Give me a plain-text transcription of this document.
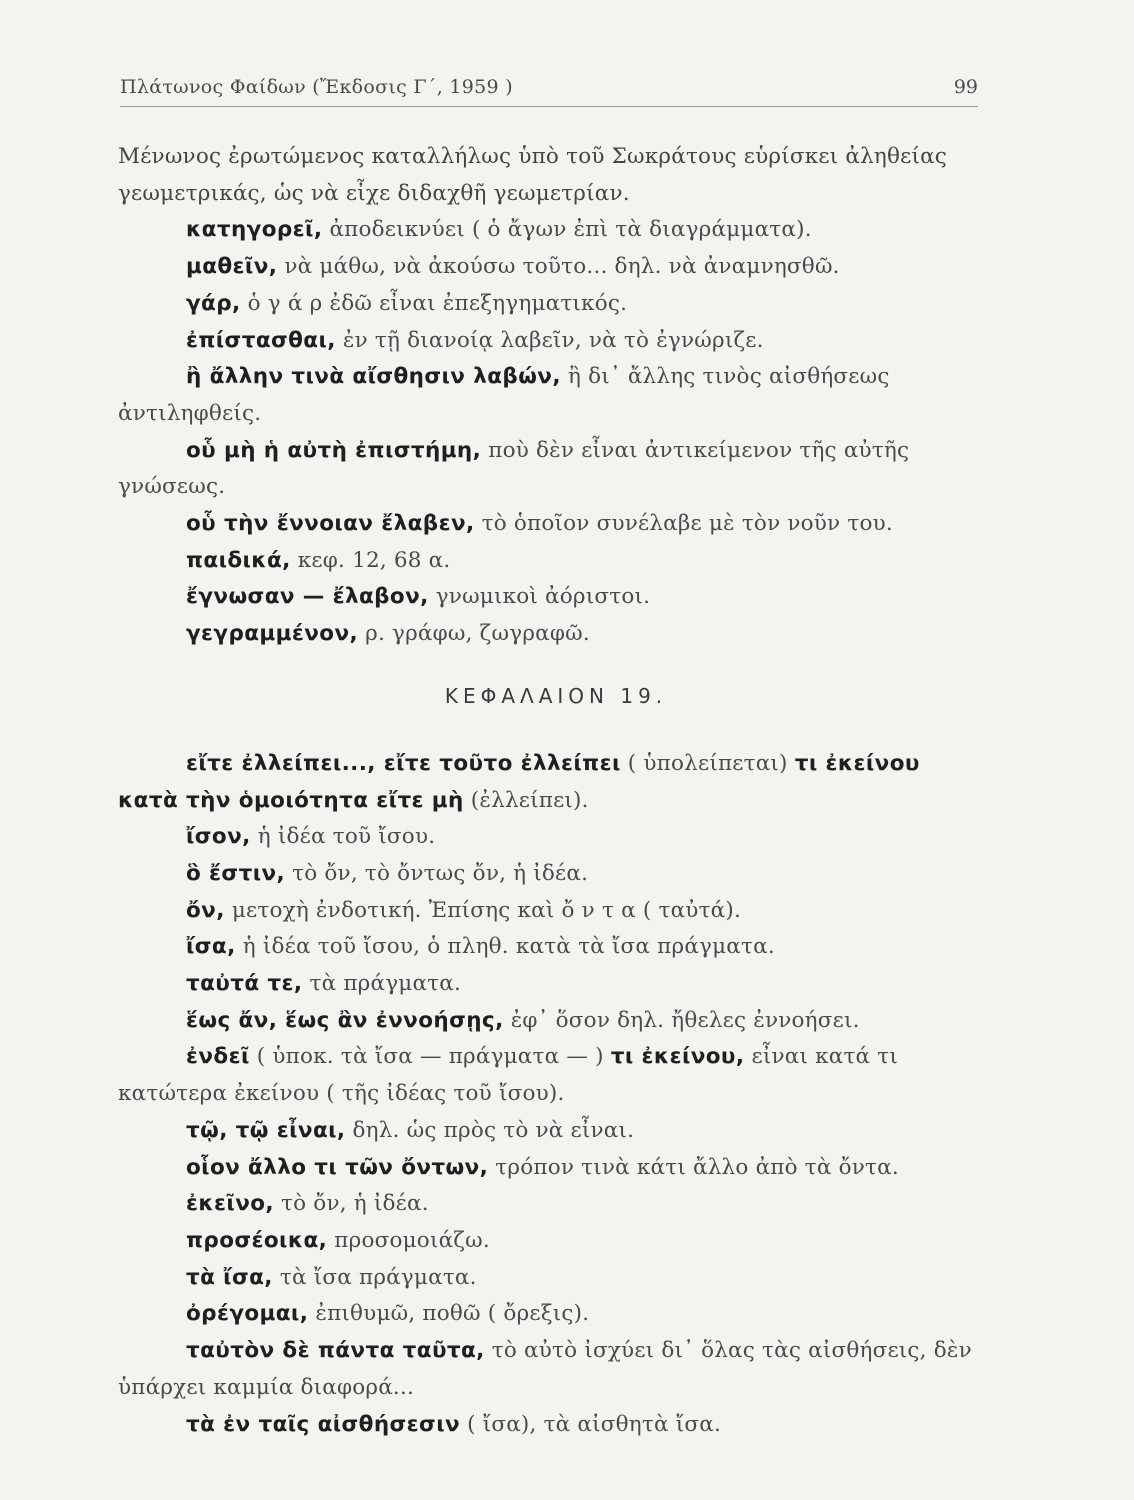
Πλάτωνος Φαίδων (Ἔκδοσις Γ΄, 1959 )	99
Μένωνος ἐρωτώμενος καταλλήλως ὑπὸ τοῦ Σωκράτους εὑρίσκει ἀληθείας γεωμετρικάς, ὡς νὰ εἶχε διδαχθῆ γεωμετρίαν.
κατηγορεῖ, ἀποδεικνύει ( ὁ ἄγων ἐπὶ τὰ διαγράμματα).
μαθεῖν, νὰ μάθω, νὰ ἀκούσω τοῦτο... δηλ. νὰ ἀναμνησθῶ.
γάρ, ὁ γ ά ρ ἐδῶ εἶναι ἐπεξηγηματικός.
ἐπίστασθαι, ἐν τῇ διανοίᾳ λαβεῖν, νὰ τὸ ἐγνώριζε.
ἢ ἄλλην τινὰ αἴσθησιν λαβών, ἢ δι᾽ ἄλλης τινὸς αἰσθήσεως ἀντιληφθείς.
οὗ μὴ ἡ αὐτὴ ἐπιστήμη, ποὺ δὲν εἶναι ἀντικείμενον τῆς αὐτῆς γνώσεως.
οὗ τὴν ἔννοιαν ἔλαβεν, τὸ ὁποῖον συνέλαβε μὲ τὸν νοῦν του.
παιδικά, κεφ. 12, 68 α.
ἔγνωσαν — ἔλαβον, γνωμικοὶ ἀόριστοι.
γεγραμμένον, ρ. γράφω, ζωγραφῶ.
ΚΕΦΑΛΑΙΟΝ 19.
εἴτε ἐλλείπει..., εἴτε τοῦτο ἐλλείπει ( ὑπολείπεται) τι ἐκείνου κατὰ τὴν ὁμοιότητα εἴτε μὴ (ἐλλείπει).
ἴσον, ἡ ἰδέα τοῦ ἴσου.
ὃ ἔστιν, τὸ ὄν, τὸ ὄντως ὄν, ἡ ἰδέα.
ὄν, μετοχὴ ἐνδοτική. Ἐπίσης καὶ ὄ ν τ α ( ταὐτά).
ἴσα, ἡ ἰδέα τοῦ ἴσου, ὁ πληθ. κατὰ τὰ ἴσα πράγματα.
ταὐτά τε, τὰ πράγματα.
ἕως ἄν, ἕως ἂν ἐννοήσῃς, ἐφ᾽ ὅσον δηλ. ἤθελες ἐννοήσει.
ἐνδεῖ ( ὑποκ. τὰ ἴσα — πράγματα — ) τι ἐκείνου, εἶναι κατά τι κατώτερα ἐκείνου ( τῆς ἰδέας τοῦ ἴσου).
τῷ, τῷ εἶναι, δηλ. ὡς πρὸς τὸ νὰ εἶναι.
οἷον ἄλλο τι τῶν ὄντων, τρόπον τινὰ κάτι ἄλλο ἀπὸ τὰ ὄντα.
ἐκεῖνο, τὸ ὄν, ἡ ἰδέα.
προσέοικα, προσομοιάζω.
τὰ ἴσα, τὰ ἴσα πράγματα.
ὀρέγομαι, ἐπιθυμῶ, ποθῶ ( ὄρεξις).
ταὐτὸν δὲ πάντα ταῦτα, τὸ αὐτὸ ἰσχύει δι᾽ ὅλας τὰς αἰσθήσεις, δὲν ὑπάρχει καμμία διαφορά...
τὰ ἐν ταῖς αἰσθήσεσιν ( ἴσα), τὰ αἰσθητὰ ἴσα.
